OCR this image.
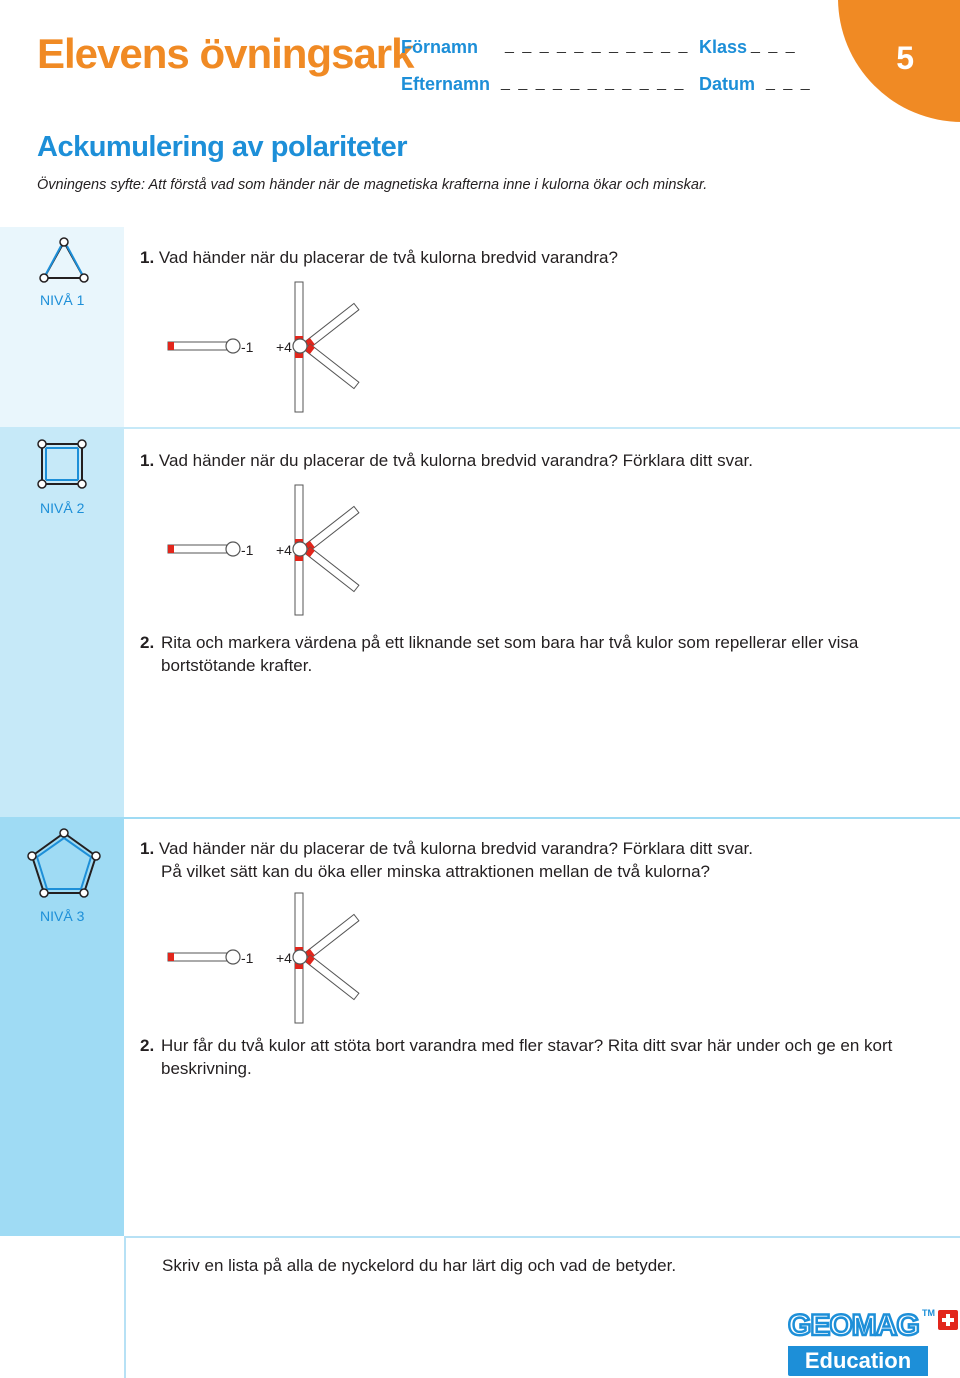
Elevens övningsark
Förnamn _ _ _ _ _ _ _ _ _ _ _
Efternamn _ _ _ _ _ _ _ _ _ _ _
Klass _ _ _
Datum _ _ _
5
Ackumulering av polariteter
Övningens syfte: Att förstå vad som händer när de magnetiska krafterna inne i kulorna ökar och minskar.
NIVÅ 1
1. Vad händer när du placerar de två kulorna bredvid varandra?
-1 +4
NIVÅ 2
1. Vad händer när du placerar de två kulorna bredvid varandra? Förklara ditt svar.
-1 +4
2. Rita och markera värdena på ett liknande set som bara har två kulor som repellerar eller visa bortstötande krafter.
NIVÅ 3
1. Vad händer när du placerar de två kulorna bredvid varandra? Förklara ditt svar.
På vilket sätt kan du öka eller minska attraktionen mellan de två kulorna?
-1 +4
2. Hur får du två kulor att stöta bort varandra med fler stavar? Rita ditt svar här under och ge en kort beskrivning.
Skriv en lista på alla de nyckelord du har lärt dig och vad de betyder.
GEOMAG TM
Education
